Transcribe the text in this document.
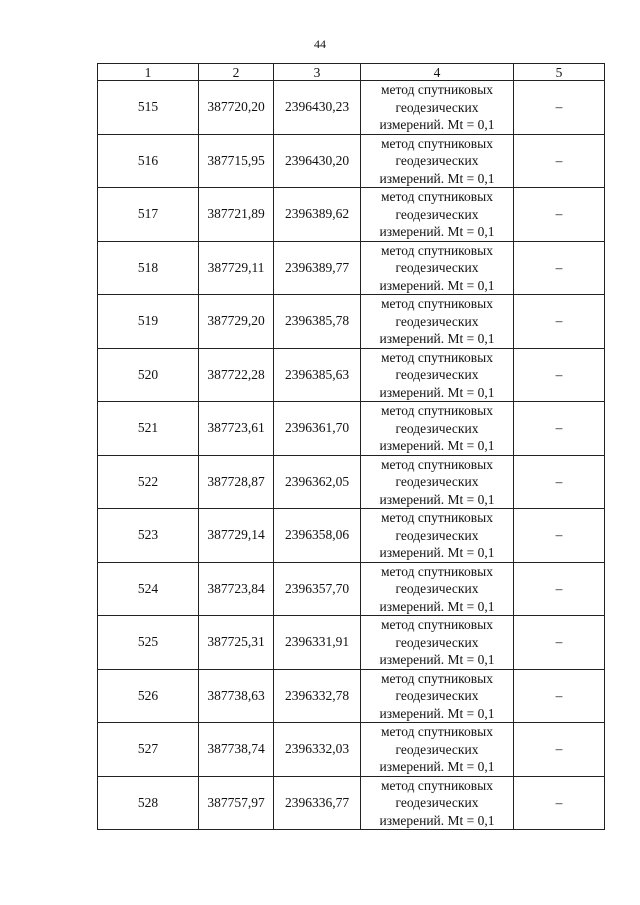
44
1	2	3	4	5
515	387720,20	2396430,23	метод спутниковых
геодезических
измерений. Mt = 0,1	–
516	387715,95	2396430,20	метод спутниковых
геодезических
измерений. Mt = 0,1	–
517	387721,89	2396389,62	метод спутниковых
геодезических
измерений. Mt = 0,1	–
518	387729,11	2396389,77	метод спутниковых
геодезических
измерений. Mt = 0,1	–
519	387729,20	2396385,78	метод спутниковых
геодезических
измерений. Mt = 0,1	–
520	387722,28	2396385,63	метод спутниковых
геодезических
измерений. Mt = 0,1	–
521	387723,61	2396361,70	метод спутниковых
геодезических
измерений. Mt = 0,1	–
522	387728,87	2396362,05	метод спутниковых
геодезических
измерений. Mt = 0,1	–
523	387729,14	2396358,06	метод спутниковых
геодезических
измерений. Mt = 0,1	–
524	387723,84	2396357,70	метод спутниковых
геодезических
измерений. Mt = 0,1	–
525	387725,31	2396331,91	метод спутниковых
геодезических
измерений. Mt = 0,1	–
526	387738,63	2396332,78	метод спутниковых
геодезических
измерений. Mt = 0,1	–
527	387738,74	2396332,03	метод спутниковых
геодезических
измерений. Mt = 0,1	–
528	387757,97	2396336,77	метод спутниковых
геодезических
измерений. Mt = 0,1	–
